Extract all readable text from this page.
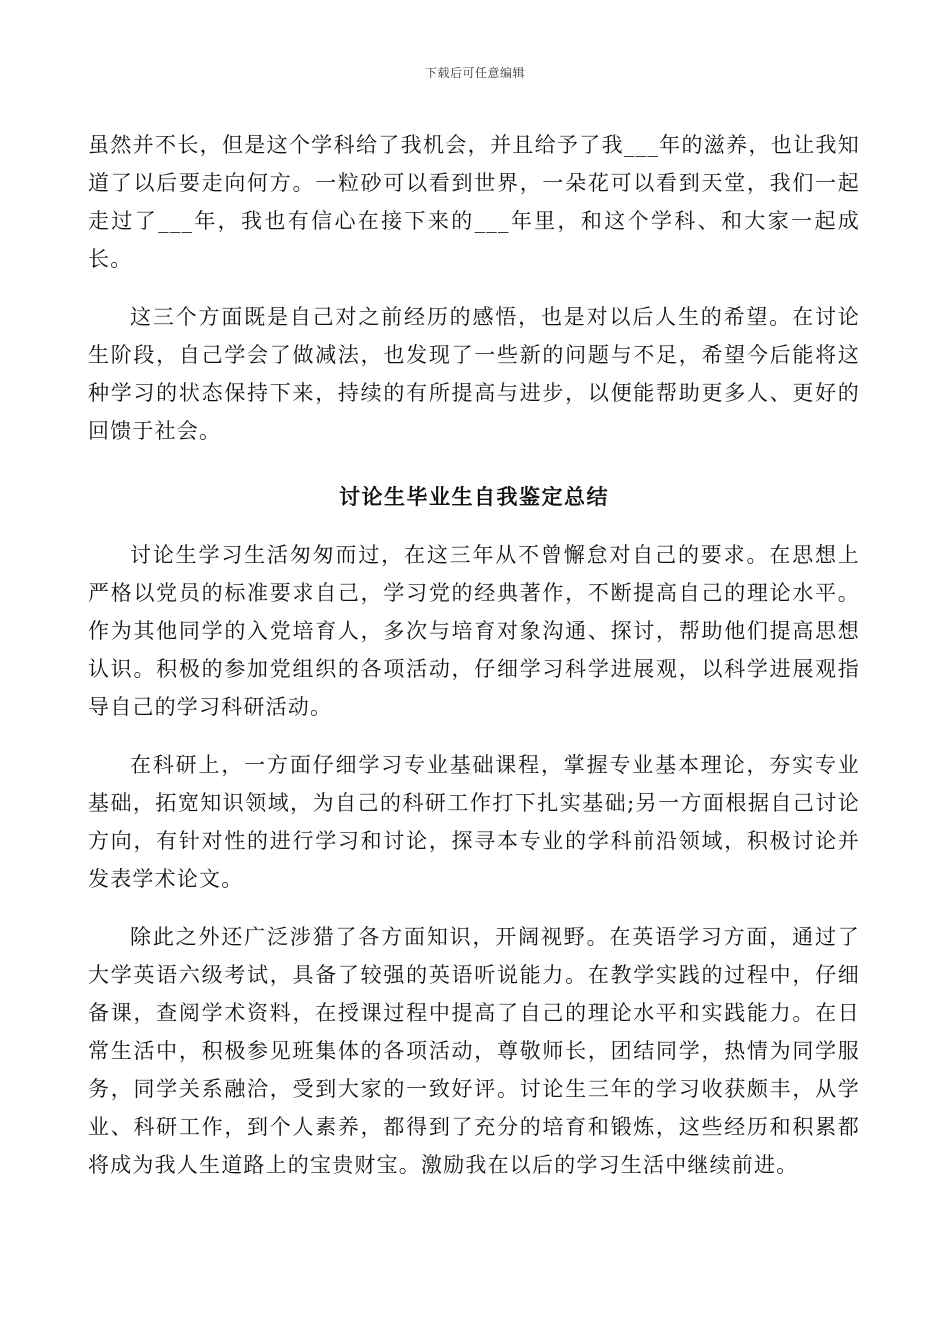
下载后可任意编辑

虽然并不长，但是这个学科给了我机会，并且给予了我___年的滋养，也让我知道了以后要走向何方。一粒砂可以看到世界，一朵花可以看到天堂，我们一起走过了___年，我也有信心在接下来的___年里，和这个学科、和大家一起成长。

这三个方面既是自己对之前经历的感悟，也是对以后人生的希望。在讨论生阶段，自己学会了做减法，也发现了一些新的问题与不足，希望今后能将这种学习的状态保持下来，持续的有所提高与进步，以便能帮助更多人、更好的回馈于社会。

讨论生毕业生自我鉴定总结

讨论生学习生活匆匆而过，在这三年从不曾懈怠对自己的要求。在思想上严格以党员的标准要求自己，学习党的经典著作，不断提高自己的理论水平。作为其他同学的入党培育人，多次与培育对象沟通、探讨，帮助他们提高思想认识。积极的参加党组织的各项活动，仔细学习科学进展观，以科学进展观指导自己的学习科研活动。

在科研上，一方面仔细学习专业基础课程，掌握专业基本理论，夯实专业基础，拓宽知识领域，为自己的科研工作打下扎实基础;另一方面根据自己讨论方向，有针对性的进行学习和讨论，探寻本专业的学科前沿领域，积极讨论并发表学术论文。

除此之外还广泛涉猎了各方面知识，开阔视野。在英语学习方面，通过了大学英语六级考试，具备了较强的英语听说能力。在教学实践的过程中，仔细备课，查阅学术资料，在授课过程中提高了自己的理论水平和实践能力。在日常生活中，积极参见班集体的各项活动，尊敬师长，团结同学，热情为同学服务，同学关系融洽，受到大家的一致好评。讨论生三年的学习收获颇丰，从学业、科研工作，到个人素养，都得到了充分的培育和锻炼，这些经历和积累都将成为我人生道路上的宝贵财宝。激励我在以后的学习生活中继续前进。
